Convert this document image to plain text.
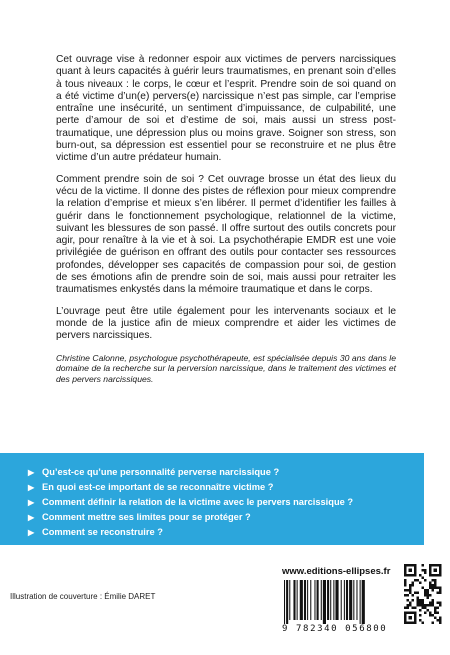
Cet ouvrage vise à redonner espoir aux victimes de pervers narcissiques quant à leurs capacités à guérir leurs traumatismes, en prenant soin d’elles à tous niveaux : le corps, le cœur et l’esprit. Prendre soin de soi quand on a été victime d’un(e) pervers(e) narcissique n’est pas simple, car l’emprise entraîne une insécurité, un sentiment d’impuissance, de culpabilité, une perte d’amour de soi et d’estime de soi, mais aussi un stress post-traumatique, une dépression plus ou moins grave. Soigner son stress, son burn-out, sa dépression est essentiel pour se reconstruire et ne plus être victime d’un autre prédateur humain.

Comment prendre soin de soi ? Cet ouvrage brosse un état des lieux du vécu de la victime. Il donne des pistes de réflexion pour mieux comprendre la relation d’emprise et mieux s’en libérer. Il permet d’identifier les failles à guérir dans le fonctionnement psychologique, relationnel de la victime, suivant les blessures de son passé. Il offre surtout des outils concrets pour agir, pour renaître à la vie et à soi. La psychothérapie EMDR est une voie privilégiée de guérison en offrant des outils pour contacter ses ressources profondes, développer ses capacités de compassion pour soi, de gestion de ses émotions afin de prendre soin de soi, mais aussi pour retraiter les traumatismes enkystés dans la mémoire traumatique et dans le corps.

L’ouvrage peut être utile également pour les intervenants sociaux et le monde de la justice afin de mieux comprendre et aider les victimes de pervers narcissiques.

Christine Calonne, psychologue psychothérapeute, est spécialisée depuis 30 ans dans le domaine de la recherche sur la perversion narcissique, dans le traitement des victimes et des pervers narcissiques.

▶ Qu’est-ce qu’une personnalité perverse narcissique ?
▶ En quoi est-ce important de se reconnaître victime ?
▶ Comment définir la relation de la victime avec le pervers narcissique ?
▶ Comment mettre ses limites pour se protéger ?
▶ Comment se reconstruire ?
Illustration de couverture : Émilie DARET
www.editions-ellipses.fr
9 782340 056800
